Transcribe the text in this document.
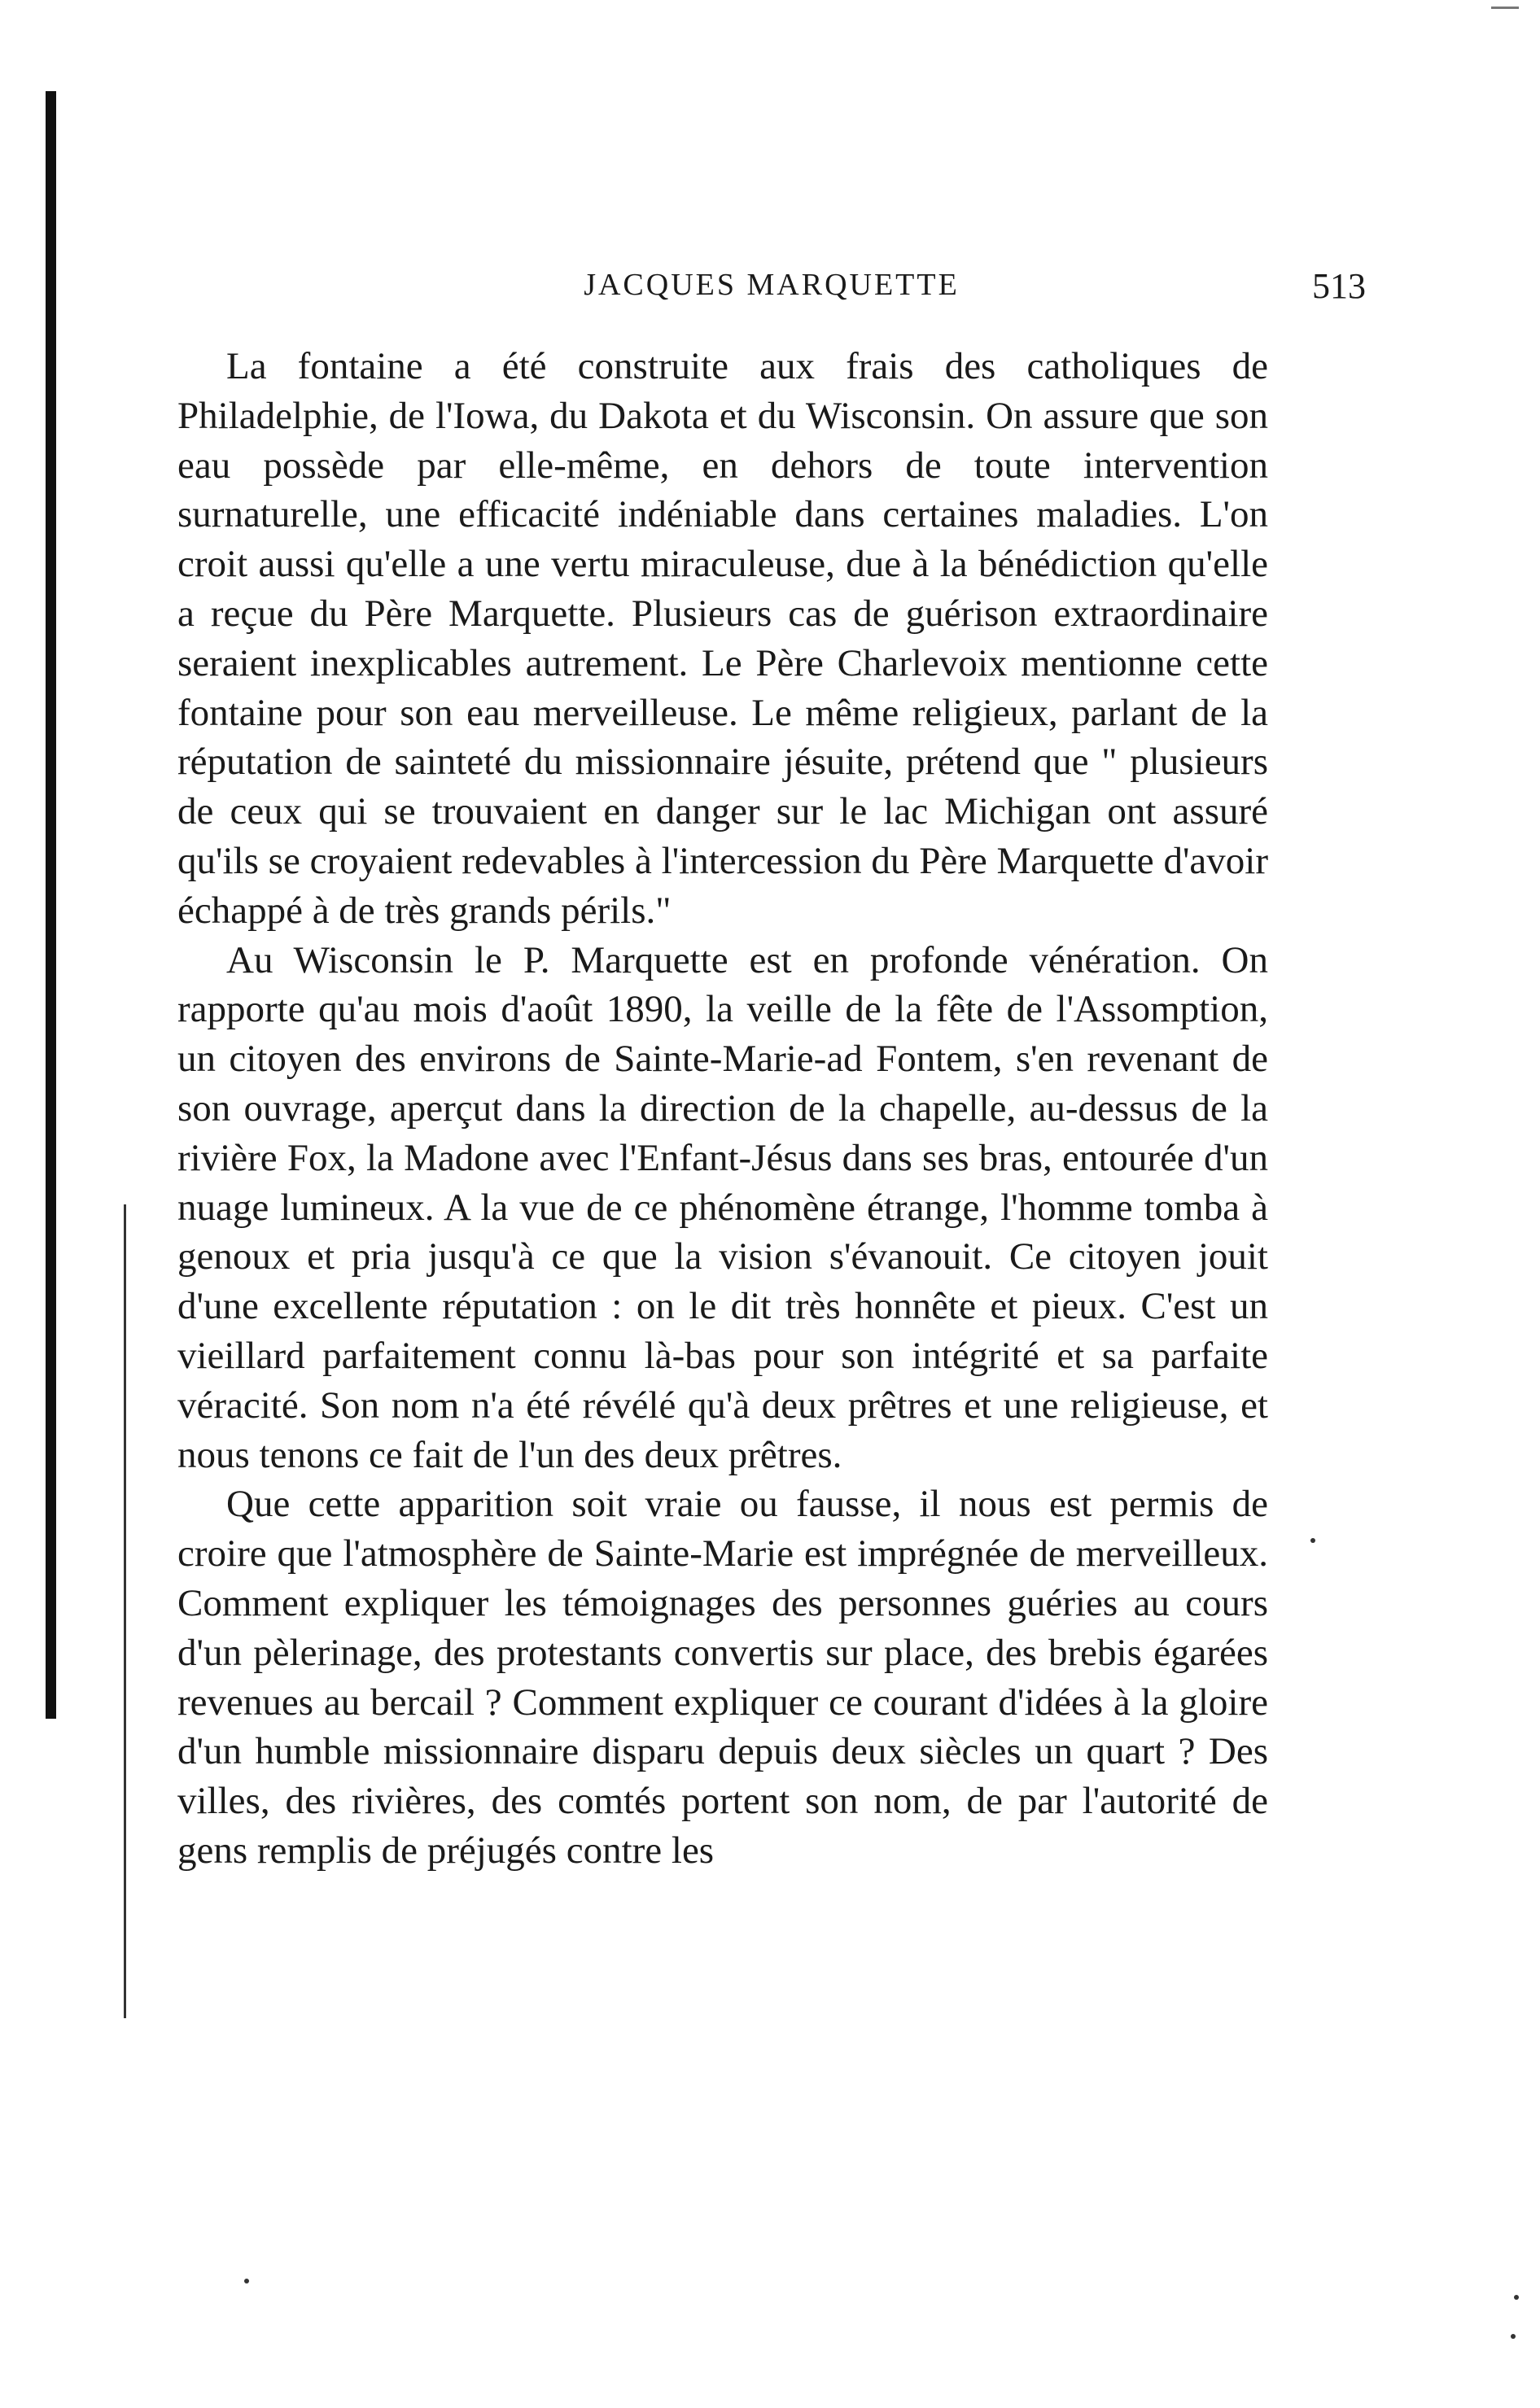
JACQUES MARQUETTE	513

La fontaine a été construite aux frais des catholiques de Philadelphie, de l'Iowa, du Dakota et du Wisconsin. On assure que son eau possède par elle-même, en dehors de toute intervention surnaturelle, une efficacité indéniable dans certaines maladies. L'on croit aussi qu'elle a une vertu miraculeuse, due à la bénédiction qu'elle a reçue du Père Marquette. Plusieurs cas de guérison extraordinaire seraient inexplicables autrement. Le Père Charlevoix mentionne cette fontaine pour son eau merveilleuse. Le même religieux, parlant de la réputation de sainteté du missionnaire jésuite, prétend que " plusieurs de ceux qui se trouvaient en danger sur le lac Michigan ont assuré qu'ils se croyaient redevables à l'intercession du Père Marquette d'avoir échappé à de très grands périls."

Au Wisconsin le P. Marquette est en profonde vénération. On rapporte qu'au mois d'août 1890, la veille de la fête de l'Assomption, un citoyen des environs de Sainte-Marie-ad Fontem, s'en revenant de son ouvrage, aperçut dans la direction de la chapelle, au-dessus de la rivière Fox, la Madone avec l'Enfant-Jésus dans ses bras, entourée d'un nuage lumineux. A la vue de ce phénomène étrange, l'homme tomba à genoux et pria jusqu'à ce que la vision s'évanouit. Ce citoyen jouit d'une excellente réputation : on le dit très honnête et pieux. C'est un vieillard parfaitement connu là-bas pour son intégrité et sa parfaite véracité. Son nom n'a été révélé qu'à deux prêtres et une religieuse, et nous tenons ce fait de l'un des deux prêtres.

Que cette apparition soit vraie ou fausse, il nous est permis de croire que l'atmosphère de Sainte-Marie est imprégnée de merveilleux. Comment expliquer les témoignages des personnes guéries au cours d'un pèlerinage, des protestants convertis sur place, des brebis égarées revenues au bercail ? Comment expliquer ce courant d'idées à la gloire d'un humble missionnaire disparu depuis deux siècles un quart ? Des villes, des rivières, des comtés portent son nom, de par l'autorité de gens remplis de préjugés contre les
